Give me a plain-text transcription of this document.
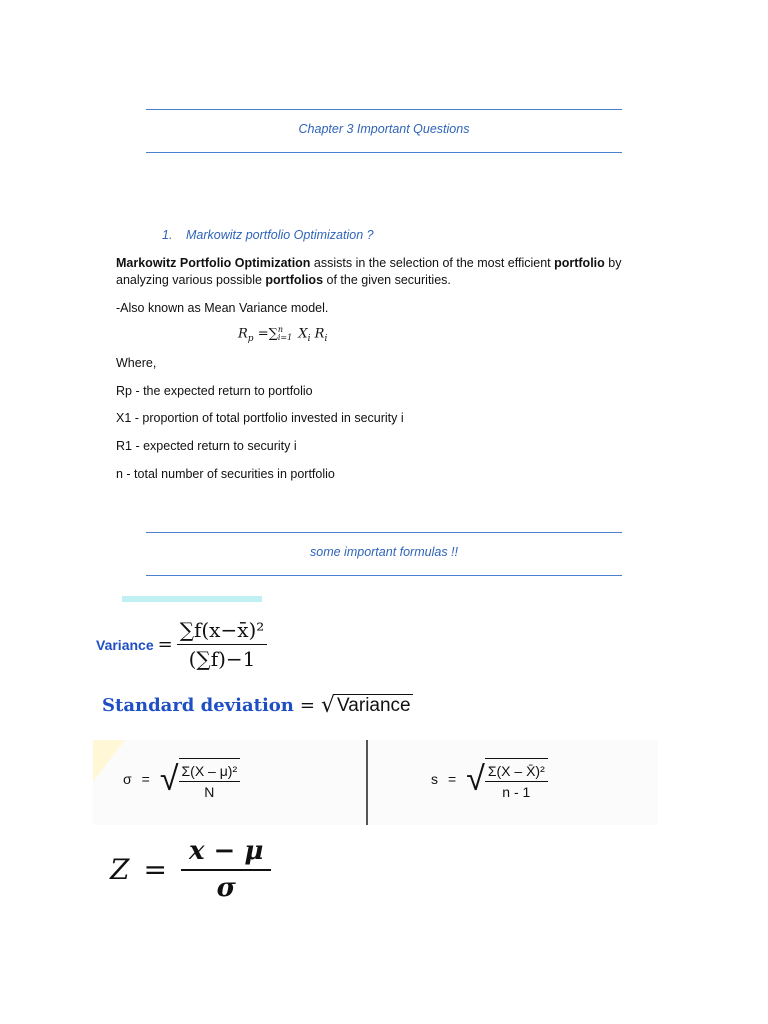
Chapter 3 Important Questions
1. Markowitz portfolio Optimization ?
Markowitz Portfolio Optimization assists in the selection of the most efficient portfolio by
analyzing various possible portfolios of the given securities.
-Also known as Mean Variance model.
$R_p$ =∑ n
i=1 $X_i$ $R_i$
Where,
Rp - the expected return to portfolio
X1 - proportion of total portfolio invested in security i
R1 - expected return to security i
n - total number of securities in portfolio
some important formulas !!
Variance = $\frac{\text{∑f(x−x̄)²}}{(\sum f)-1}$
Standard deviation = √ Variance
σ = √ $\frac{\text{Σ(X – μ)²}}{N}$	s = √ $\frac{\text{Σ(X – X̄)²}}{n - 1}$
$Z = \frac{x - \mu}{\sigma}$
